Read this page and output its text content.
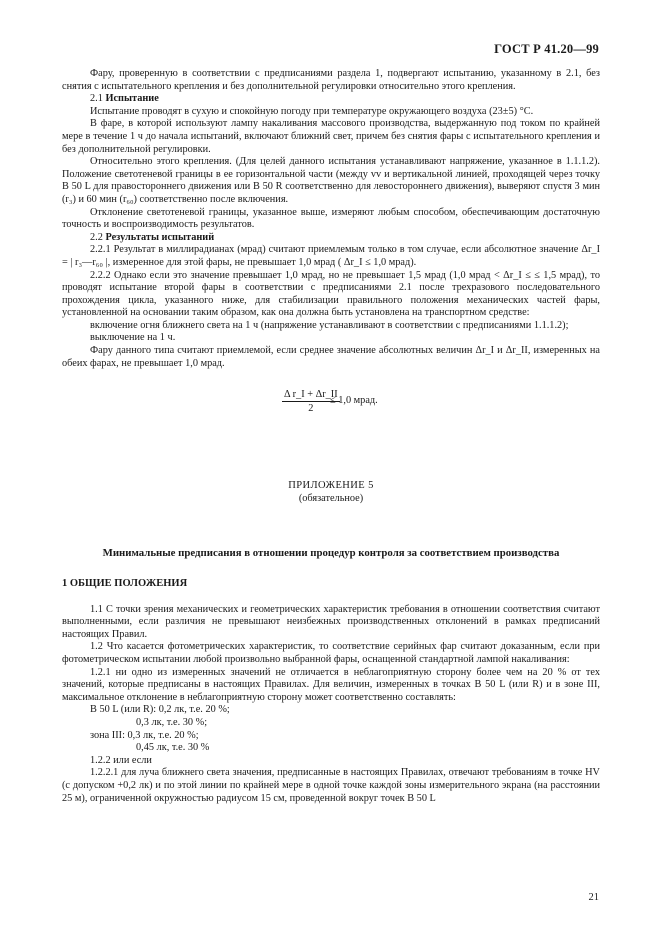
ГОСТ Р 41.20—99

Фару, проверенную в соответствии с предписаниями раздела 1, подвергают испытанию, указанному в 2.1, без снятия с испытательного крепления и без дополнительной регулировки относительно этого крепления.

2.1 Испытание

Испытание проводят в сухую и спокойную погоду при температуре окружающего воздуха (23±5) °С.

В фаре, в которой используют лампу накаливания массового производства, выдержанную под током по крайней мере в течение 1 ч до начала испытаний, включают ближний свет, причем без снятия фары с испытательного крепления и без дополнительной регулировки.

Относительно этого крепления. (Для целей данного испытания устанавливают напряжение, указанное в 1.1.1.2). Положение светотеневой границы в ее горизонтальной части (между vv и вертикальной линией, проходящей через точку B 50 L для правостороннего движения или B 50 R соответственно для левостороннего движения), выверяют спустя 3 мин (r₃) и 60 мин (r₆₀) соответственно после включения.

Отклонение светотеневой границы, указанное выше, измеряют любым способом, обеспечивающим достаточную точность и воспроизводимость результатов.

2.2 Результаты испытаний

2.2.1 Результат в миллирадианах (мрад) считают приемлемым только в том случае, если абсолютное значение Δr_I = | r₃—r₆₀ |, измеренное для этой фары, не превышает 1,0 мрад ( Δr_I ≤ 1,0 мрад).

2.2.2 Однако если это значение превышает 1,0 мрад, но не превышает 1,5 мрад (1,0 мрад < Δr_I ≤ ≤ 1,5 мрад), то проводят испытание второй фары в соответствии с предписаниями 2.1 после трехразового последовательного прохождения цикла, указанного ниже, для стабилизации правильного положения механических частей фары, установленной на основании таким образом, как она должна быть установлена на транспортном средстве:

включение огня ближнего света на 1 ч (напряжение устанавливают в соответствии с предписаниями 1.1.1.2);

выключение на 1 ч.

Фару данного типа считают приемлемой, если среднее значение абсолютных величин Δr_I и Δr_II, измеренных на обеих фарах, не превышает 1,0 мрад.

$\frac{\text{Δ r\_I + Δr\_II}}{2}$
≤ 1,0 мрад.
ПРИЛОЖЕНИЕ 5
(обязательное)
Минимальные предписания в отношении процедур контроля за соответствием производства
1 ОБЩИЕ ПОЛОЖЕНИЯ

1.1 С точки зрения механических и геометрических характеристик требования в отношении соответствия считают выполненными, если различия не превышают неизбежных производственных отклонений в рамках предписаний настоящих Правил.

1.2 Что касается фотометрических характеристик, то соответствие серийных фар считают доказанным, если при фотометрическом испытании любой произвольно выбранной фары, оснащенной стандартной лампой накаливания:

1.2.1 ни одно из измеренных значений не отличается в неблагоприятную сторону более чем на 20 % от тех значений, которые предписаны в настоящих Правилах. Для величин, измеренных в точках B 50 L (или R) и в зоне III, максимальное отклонение в неблагоприятную сторону может соответственно составлять:

B 50 L (или R): 0,2 лк, т.е. 20 %;

0,3 лк, т.е. 30 %;

зона III: 0,3 лк, т.е. 20 %;

0,45 лк, т.е. 30 %

1.2.2 или если

1.2.2.1 для луча ближнего света значения, предписанные в настоящих Правилах, отвечают требованиям в точке HV (с допуском +0,2 лк) и по этой линии по крайней мере в одной точке каждой зоны измерительного экрана (на расстоянии 25 м), ограниченной окружностью радиусом 15 см, проведенной вокруг точек B 50 L

21
